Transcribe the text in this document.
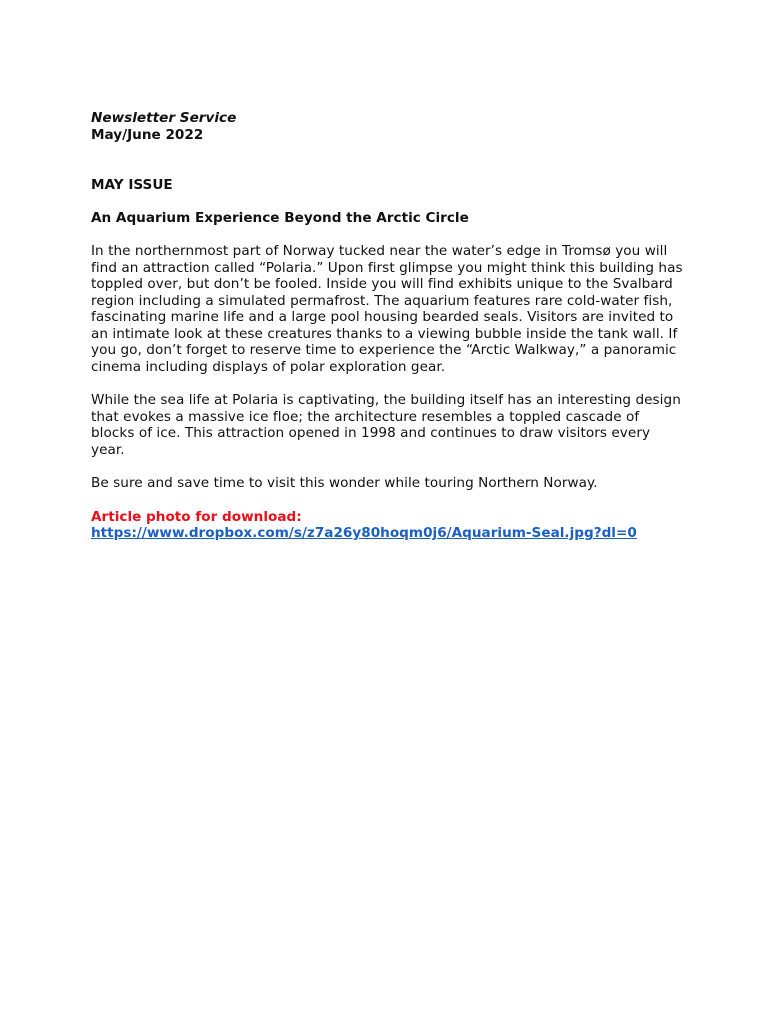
Newsletter Service

May/June 2022

MAY ISSUE

An Aquarium Experience Beyond the Arctic Circle

In the northernmost part of Norway tucked near the water’s edge in Tromsø you will find an attraction called “Polaria.” Upon first glimpse you might think this building has toppled over, but don’t be fooled. Inside you will find exhibits unique to the Svalbard region including a simulated permafrost. The aquarium features rare cold-water fish, fascinating marine life and a large pool housing bearded seals. Visitors are invited to an intimate look at these creatures thanks to a viewing bubble inside the tank wall. If you go, don’t forget to reserve time to experience the “Arctic Walkway,” a panoramic cinema including displays of polar exploration gear.

While the sea life at Polaria is captivating, the building itself has an interesting design that evokes a massive ice floe; the architecture resembles a toppled cascade of blocks of ice. This attraction opened in 1998 and continues to draw visitors every year.

Be sure and save time to visit this wonder while touring Northern Norway.

Article photo for download:

https://www.dropbox.com/s/z7a26y80hoqm0j6/Aquarium-Seal.jpg?dl=0
